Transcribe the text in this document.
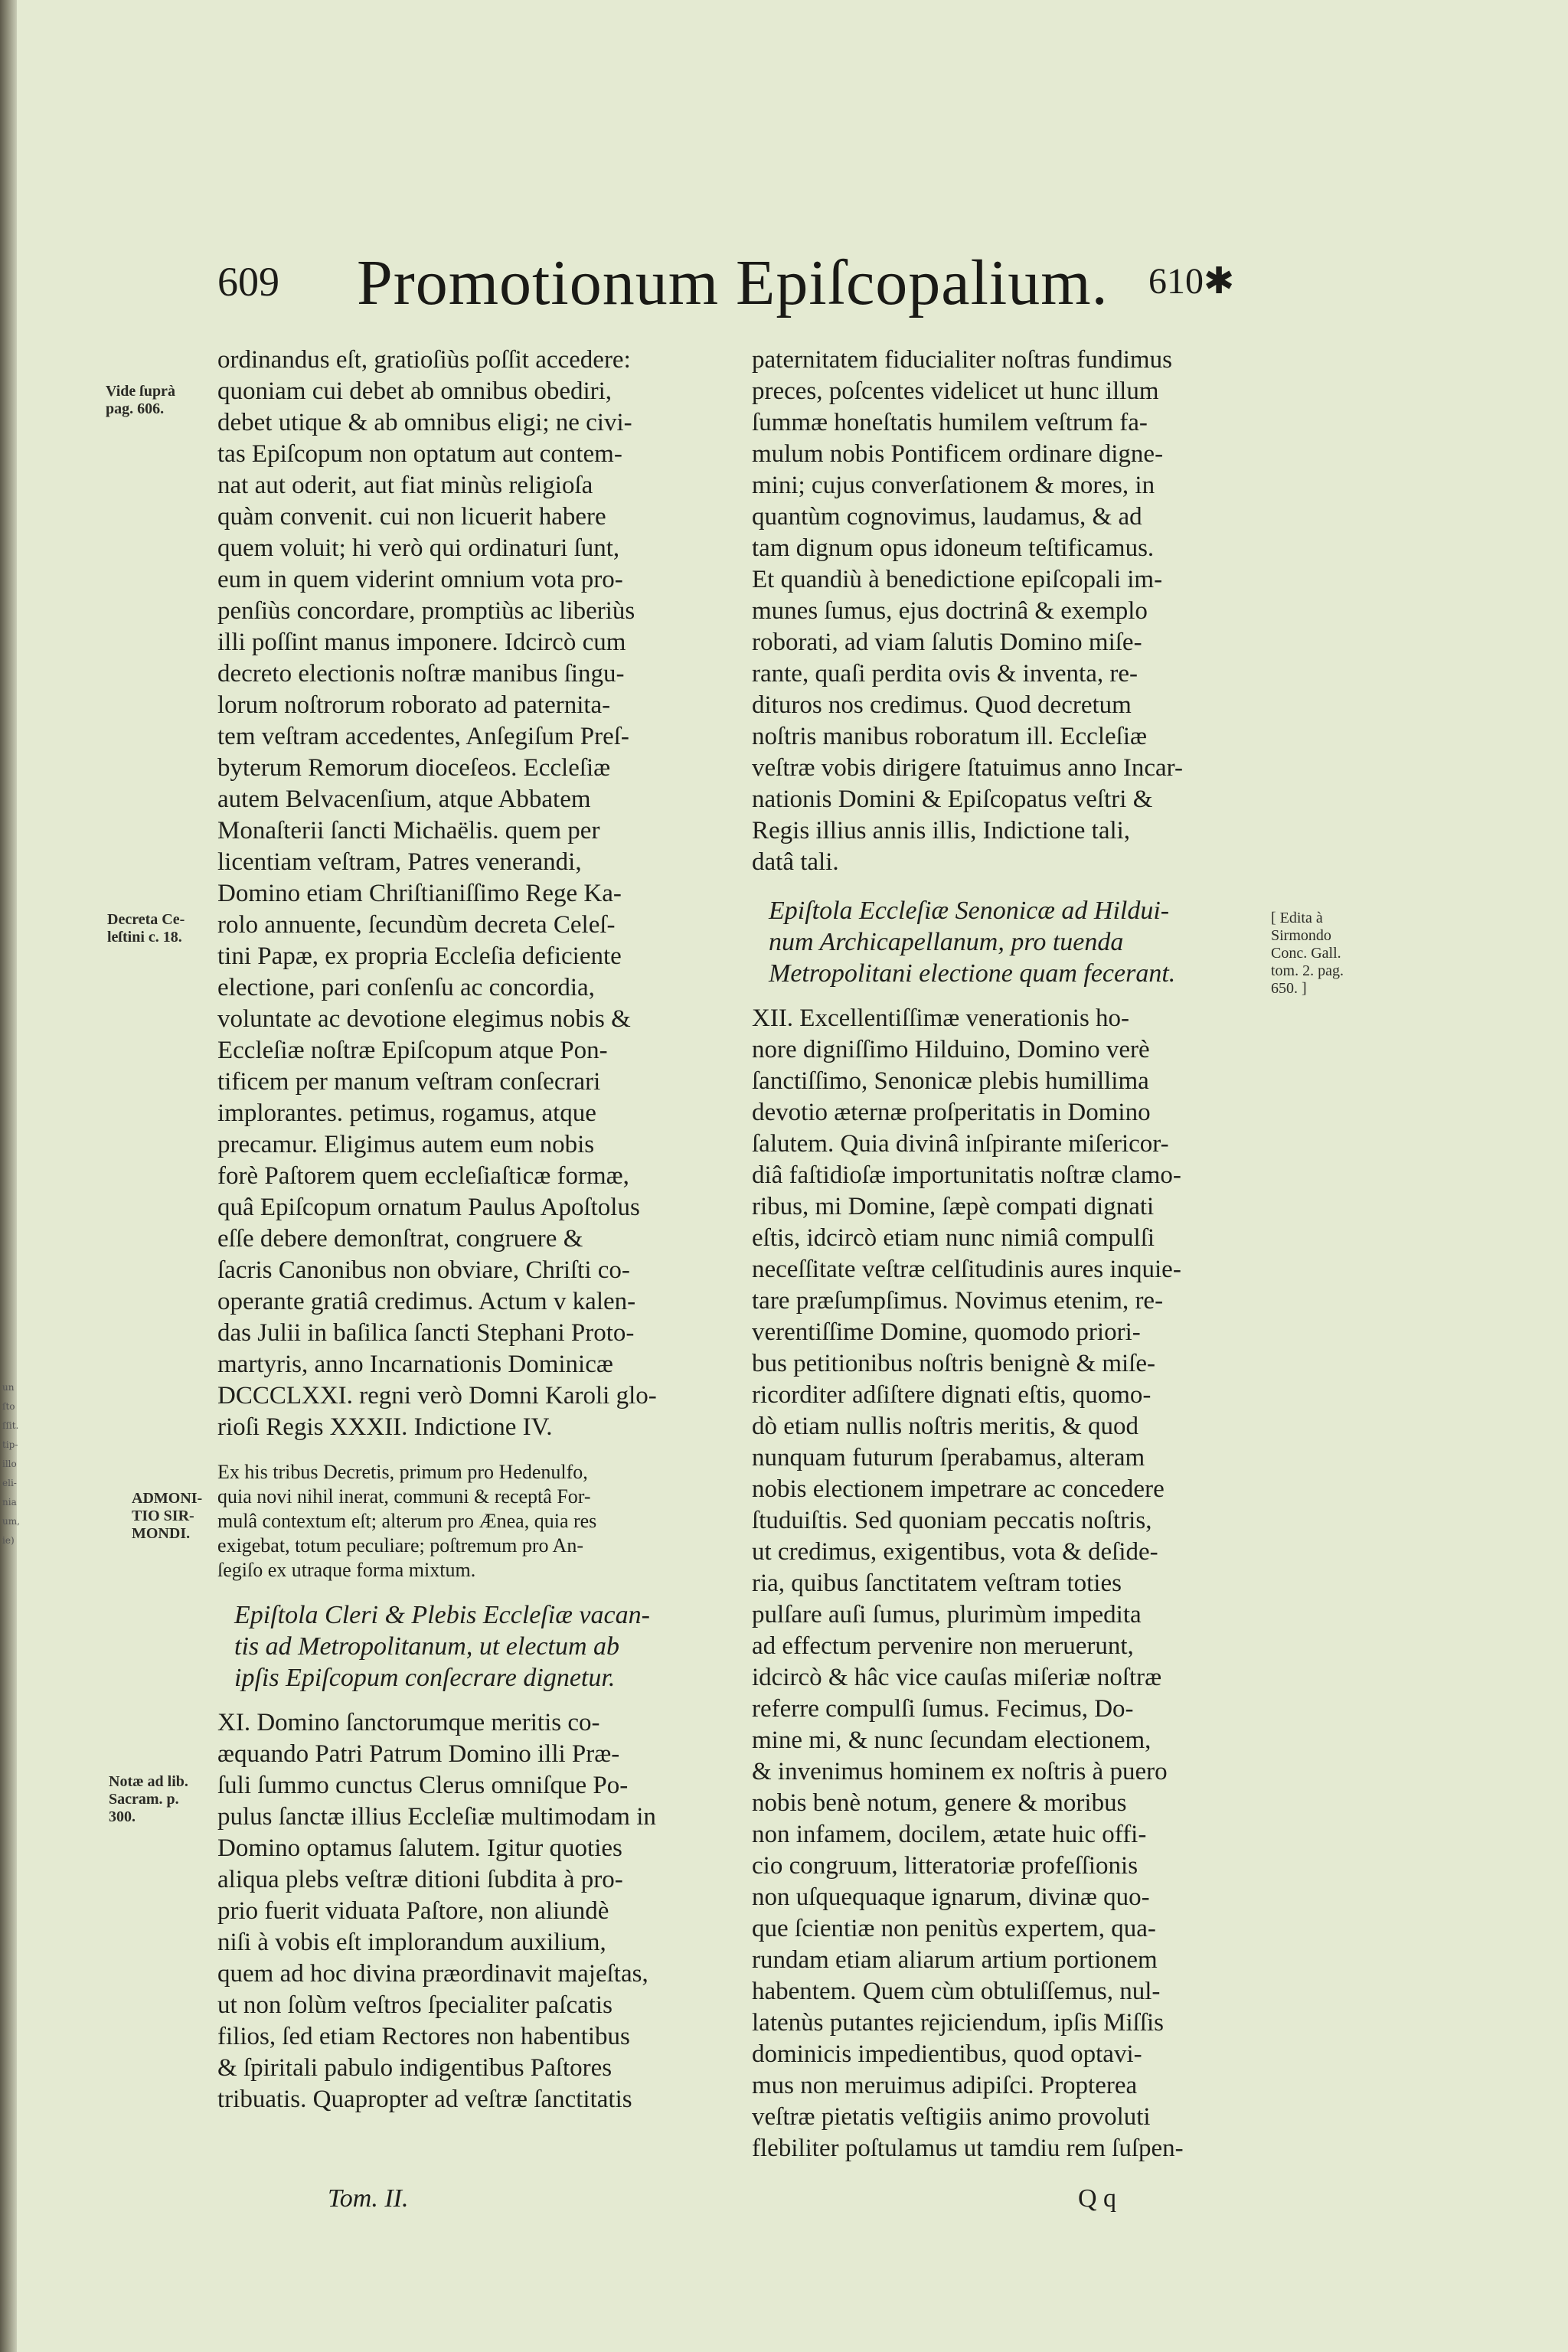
un
ſto
ſſit.
tip-
illo
eli-
nia
um,
ie)
609 Promotionum Epiſcopalium.	610✱

ordinandus eſt, gratioſiùs poſſit accedere:
quoniam cui debet ab omnibus obediri,
debet utique & ab omnibus eligi; ne civi-
tas Epiſcopum non optatum aut contem-
nat aut oderit, aut fiat minùs religioſa
quàm convenit. cui non licuerit habere
quem voluit; hi verò qui ordinaturi ſunt,
eum in quem viderint omnium vota pro-
penſiùs concordare, promptiùs ac liberiùs
illi poſſint manus imponere. Idcircò cum
decreto electionis noſtræ manibus ſingu-
lorum noſtrorum roborato ad paternita-
tem veſtram accedentes, Anſegiſum Preſ-
byterum Remorum dioceſeos. Eccleſiæ
autem Belvacenſium, atque Abbatem
Monaſterii ſancti Michaëlis. quem per
licentiam veſtram, Patres venerandi,
Domino etiam Chriſtianiſſimo Rege Ka-
rolo annuente, ſecundùm decreta Celeſ-
tini Papæ, ex propria Eccleſia deficiente
electione, pari conſenſu ac concordia,
voluntate ac devotione elegimus nobis &
Eccleſiæ noſtræ Epiſcopum atque Pon-
tificem per manum veſtram conſecrari
implorantes. petimus, rogamus, atque
precamur. Eligimus autem eum nobis
forè Paſtorem quem eccleſiaſticæ formæ,
quâ Epiſcopum ornatum Paulus Apoſtolus
eſſe debere demonſtrat, congruere &
ſacris Canonibus non obviare, Chriſti co-
operante gratiâ credimus. Actum v kalen-
das Julii in baſilica ſancti Stephani Proto-
martyris, anno Incarnationis Dominicæ
DCCCLXXI. regni verò Domni Karoli glo-
rioſi Regis XXXII. Indictione IV.

Ex his tribus Decretis, primum pro Hedenulfo,
quia novi nihil inerat, communi & receptâ For-
mulâ contextum eſt; alterum pro Ænea, quia res
exigebat, totum peculiare; poſtremum pro An-
ſegiſo ex utraque forma mixtum.

Epiſtola Cleri & Plebis Eccleſiæ vacan-
tis ad Metropolitanum, ut electum ab
ipſis Epiſcopum conſecrare dignetur.

XI. Domino ſanctorumque meritis co-
æquando Patri Patrum Domino illi Præ-
ſuli ſummo cunctus Clerus omniſque Po-
pulus ſanctæ illius Eccleſiæ multimodam in
Domino optamus ſalutem. Igitur quoties
aliqua plebs veſtræ ditioni ſubdita à pro-
prio fuerit viduata Paſtore, non aliundè
niſi à vobis eſt implorandum auxilium,
quem ad hoc divina præordinavit majeſtas,
ut non ſolùm veſtros ſpecialiter paſcatis
filios, ſed etiam Rectores non habentibus
& ſpiritali pabulo indigentibus Paſtores
tribuatis. Quapropter ad veſtræ ſanctitatis

paternitatem fiducialiter noſtras fundimus
preces, poſcentes videlicet ut hunc illum
ſummæ honeſtatis humilem veſtrum fa-
mulum nobis Pontificem ordinare digne-
mini; cujus converſationem & mores, in
quantùm cognovimus, laudamus, & ad
tam dignum opus idoneum teſtificamus.
Et quandiù à benedictione epiſcopali im-
munes ſumus, ejus doctrinâ & exemplo
roborati, ad viam ſalutis Domino miſe-
rante, quaſi perdita ovis & inventa, re-
dituros nos credimus. Quod decretum
noſtris manibus roboratum ill. Eccleſiæ
veſtræ vobis dirigere ſtatuimus anno Incar-
nationis Domini & Epiſcopatus veſtri &
Regis illius annis illis, Indictione tali,
datâ tali.

Epiſtola Eccleſiæ Senonicæ ad Hildui-
num Archicapellanum, pro tuenda
Metropolitani electione quam fecerant.

XII. Excellentiſſimæ venerationis ho-
nore digniſſimo Hilduino, Domino verè
ſanctiſſimo, Senonicæ plebis humillima
devotio æternæ proſperitatis in Domino
ſalutem. Quia divinâ inſpirante miſericor-
diâ faſtidioſæ importunitatis noſtræ clamo-
ribus, mi Domine, ſæpè compati dignati
eſtis, idcircò etiam nunc nimiâ compulſi
neceſſitate veſtræ celſitudinis aures inquie-
tare præſumpſimus. Novimus etenim, re-
verentiſſime Domine, quomodo priori-
bus petitionibus noſtris benignè & miſe-
ricorditer adſiſtere dignati eſtis, quomo-
dò etiam nullis noſtris meritis, & quod
nunquam futurum ſperabamus, alteram
nobis electionem impetrare ac concedere
ſtuduiſtis. Sed quoniam peccatis noſtris,
ut credimus, exigentibus, vota & deſide-
ria, quibus ſanctitatem veſtram toties
pulſare auſi ſumus, plurimùm impedita
ad effectum pervenire non meruerunt,
idcircò & hâc vice cauſas miſeriæ noſtræ
referre compulſi ſumus. Fecimus, Do-
mine mi, & nunc ſecundam electionem,
& invenimus hominem ex noſtris à puero
nobis benè notum, genere & moribus
non infamem, docilem, ætate huic offi-
cio congruum, litteratoriæ profeſſionis
non uſquequaque ignarum, divinæ quo-
que ſcientiæ non penitùs expertem, qua-
rundam etiam aliarum artium portionem
habentem. Quem cùm obtuliſſemus, nul-
latenùs putantes rejiciendum, ipſis Miſſis
dominicis impedientibus, quod optavi-
mus non meruimus adipiſci. Propterea
veſtræ pietatis veſtigiis animo provoluti
flebiliter poſtulamus ut tamdiu rem ſuſpen-

Vide ſuprà
pag. 606.
Decreta Ce-
leſtini c. 18.
ADMONI-
TIO SIR-
MONDI.
Notæ ad lib.
Sacram. p.
300.
[ Edita à
Sirmondo
Conc. Gall.
tom. 2. pag.
650. ]
Tom. II.	Q q
